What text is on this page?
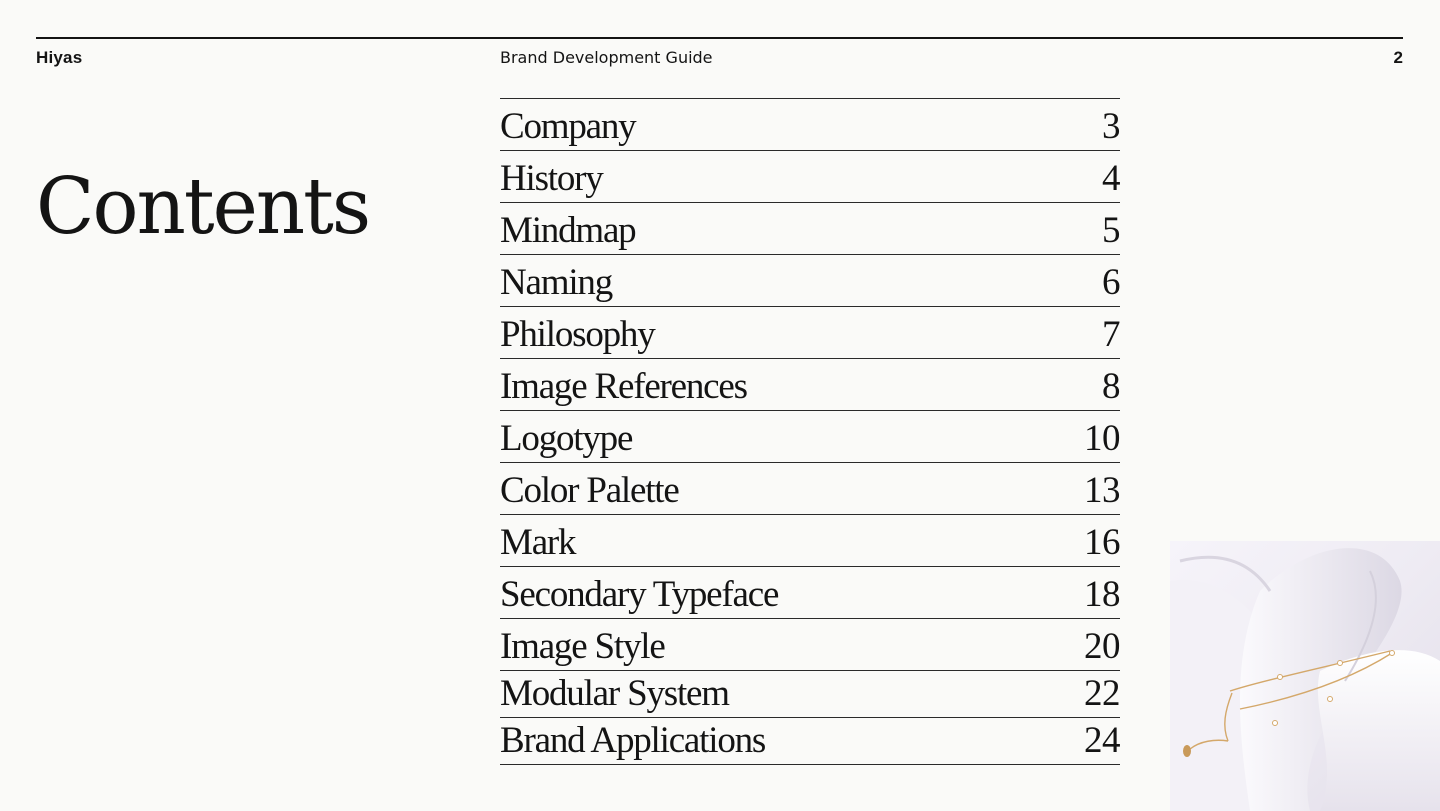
Hiyas	Brand Development Guide	2
Contents
Company	3
History	4
Mindmap	5
Naming	6
Philosophy	7
Image References	8
Logotype	10
Color Palette	13
Mark	16
Secondary Typeface	18
Image Style	20
Modular System	22
Brand Applications	24
